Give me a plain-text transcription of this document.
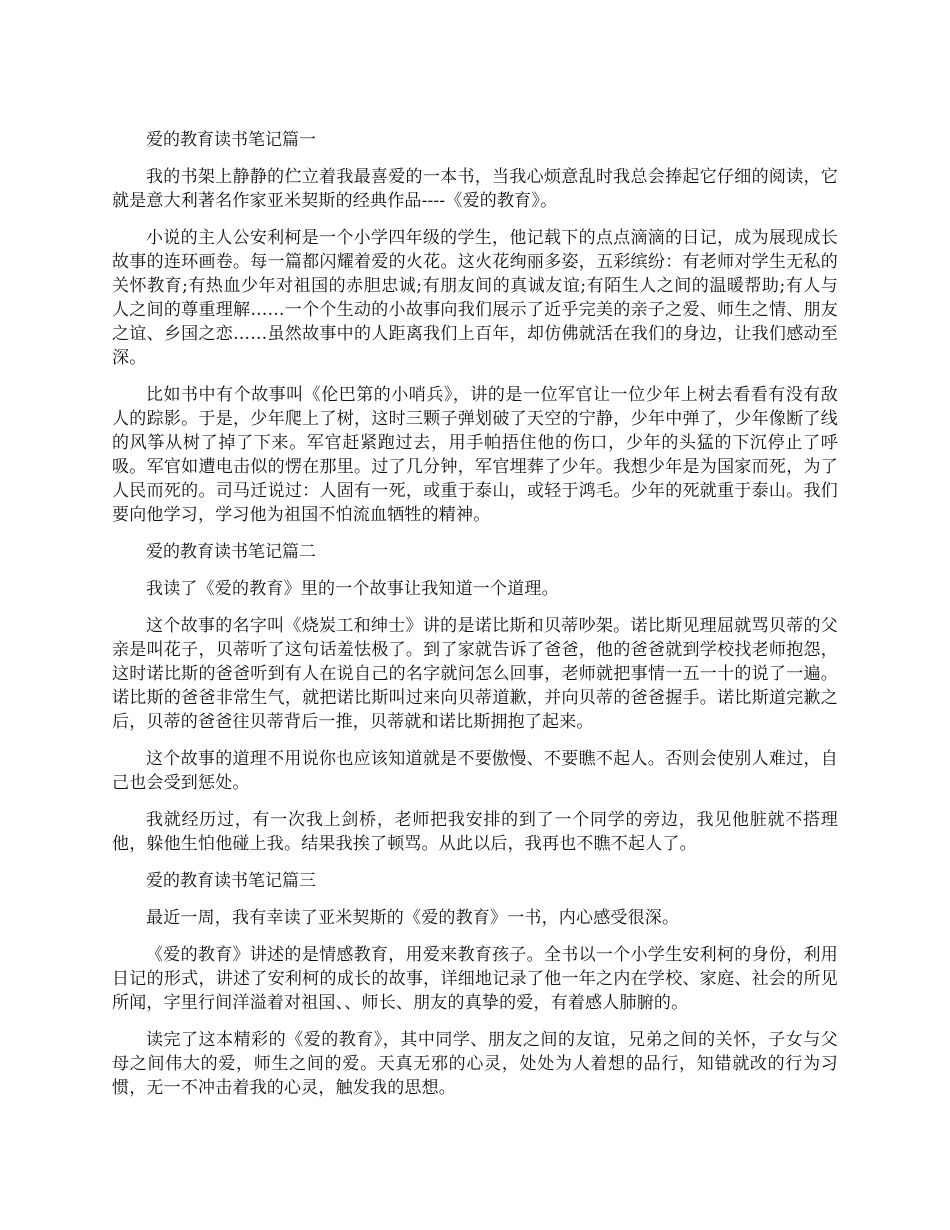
爱的教育读书笔记篇一

我的书架上静静的伫立着我最喜爱的一本书，当我心烦意乱时我总会捧起它仔细的阅读，它就是意大利著名作家亚米契斯的经典作品----《爱的教育》。

小说的主人公安利柯是一个小学四年级的学生，他记载下的点点滴滴的日记，成为展现成长故事的连环画卷。每一篇都闪耀着爱的火花。这火花绚丽多姿，五彩缤纷：有老师对学生无私的关怀教育;有热血少年对祖国的赤胆忠诚;有朋友间的真诚友谊;有陌生人之间的温暖帮助;有人与人之间的尊重理解……一个个生动的小故事向我们展示了近乎完美的亲子之爱、师生之情、朋友之谊、乡国之恋……虽然故事中的人距离我们上百年，却仿佛就活在我们的身边，让我们感动至深。

比如书中有个故事叫《伦巴第的小哨兵》，讲的是一位军官让一位少年上树去看看有没有敌人的踪影。于是，少年爬上了树，这时三颗子弹划破了天空的宁静，少年中弹了，少年像断了线的风筝从树了掉了下来。军官赶紧跑过去，用手帕捂住他的伤口，少年的头猛的下沉停止了呼吸。军官如遭电击似的愣在那里。过了几分钟，军官埋葬了少年。我想少年是为国家而死，为了人民而死的。司马迁说过：人固有一死，或重于泰山，或轻于鸿毛。少年的死就重于泰山。我们要向他学习，学习他为祖国不怕流血牺牲的精神。

爱的教育读书笔记篇二

我读了《爱的教育》里的一个故事让我知道一个道理。

这个故事的名字叫《烧炭工和绅士》讲的是诺比斯和贝蒂吵架。诺比斯见理屈就骂贝蒂的父亲是叫花子，贝蒂听了这句话羞怯极了。到了家就告诉了爸爸，他的爸爸就到学校找老师抱怨，这时诺比斯的爸爸听到有人在说自己的名字就问怎么回事，老师就把事情一五一十的说了一遍。诺比斯的爸爸非常生气，就把诺比斯叫过来向贝蒂道歉，并向贝蒂的爸爸握手。诺比斯道完歉之后，贝蒂的爸爸往贝蒂背后一推，贝蒂就和诺比斯拥抱了起来。

这个故事的道理不用说你也应该知道就是不要傲慢、不要瞧不起人。否则会使别人难过，自己也会受到惩处。

我就经历过，有一次我上剑桥，老师把我安排的到了一个同学的旁边，我见他脏就不搭理他，躲他生怕他碰上我。结果我挨了顿骂。从此以后，我再也不瞧不起人了。

爱的教育读书笔记篇三

最近一周，我有幸读了亚米契斯的《爱的教育》一书，内心感受很深。

《爱的教育》讲述的是情感教育，用爱来教育孩子。全书以一个小学生安利柯的身份，利用日记的形式，讲述了安利柯的成长的故事，详细地记录了他一年之内在学校、家庭、社会的所见所闻，字里行间洋溢着对祖国、、师长、朋友的真挚的爱，有着感人肺腑的。

读完了这本精彩的《爱的教育》，其中同学、朋友之间的友谊，兄弟之间的关怀，子女与父母之间伟大的爱，师生之间的爱。天真无邪的心灵，处处为人着想的品行，知错就改的行为习惯，无一不冲击着我的心灵，触发我的思想。
